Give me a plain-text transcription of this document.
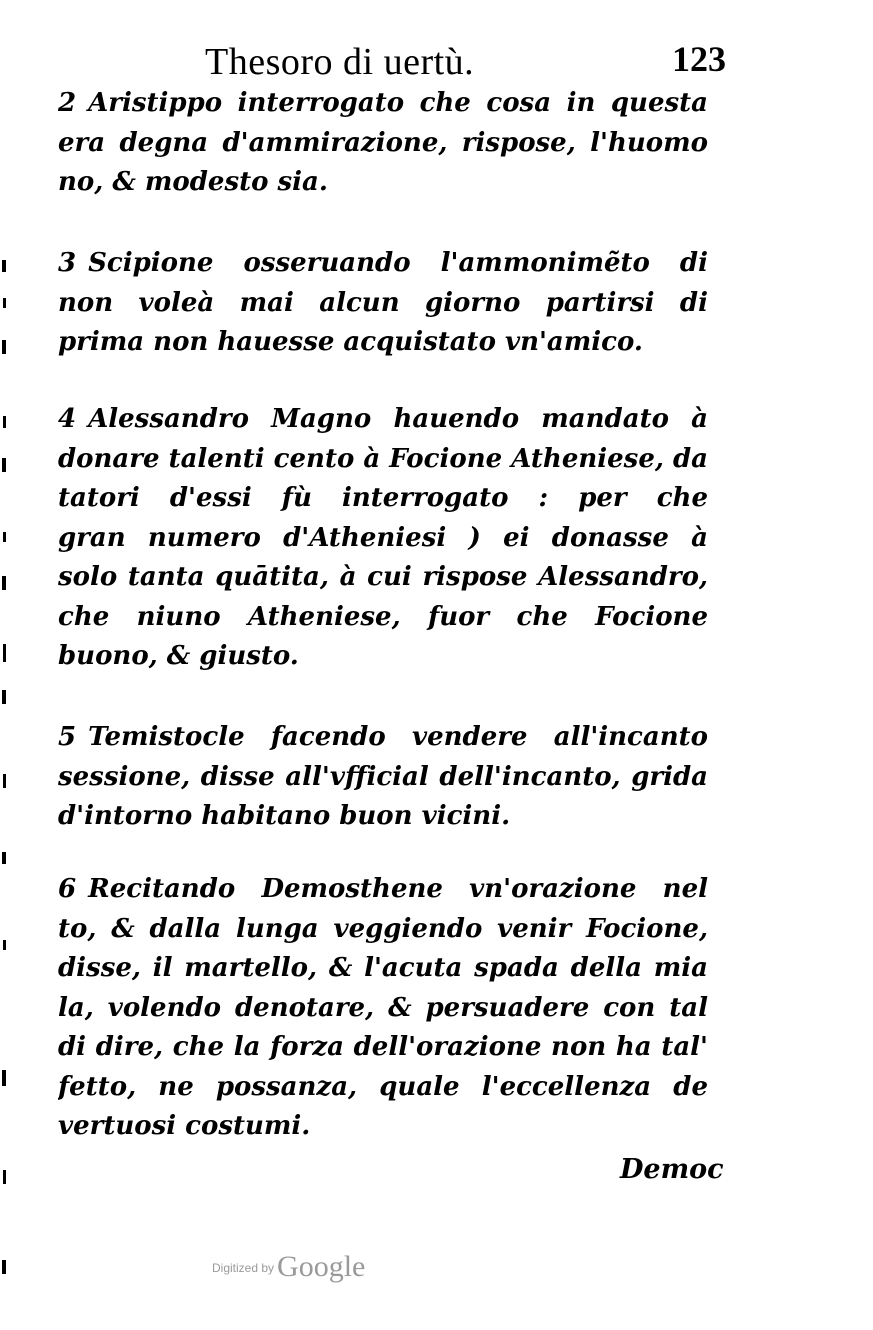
Thesoro di uertù.	123
2 Aristippo interrogato che cosa in questa
era degna d'ammirazione, rispose, l'huomo
no, & modesto sia.
3 Scipione osseruando l'ammonimẽto di
non voleà mai alcun giorno partirsi di
prima non hauesse acquistato vn'amico.
4 Alessandro Magno hauendo mandato à
donare talenti cento à Focione Atheniese, da
tatori d'essi fù interrogato : per che
gran numero d'Atheniesi ) ei donasse à
solo tanta quātita, à cui rispose Alessandro,
che niuno Atheniese, fuor che Focione
buono, & giusto.
5 Temistocle facendo vendere all'incanto
sessione, disse all'vfficial dell'incanto, grida
d'intorno habitano buon vicini.
6 Recitando Demosthene vn'orazione nel
to, & dalla lunga veggiendo venir Focione,
disse, il martello, & l'acuta spada della mia
la, volendo denotare, & persuadere con tal
di dire, che la forza dell'orazione non ha tal'
fetto, ne possanza, quale l'eccellenza de
vertuosi costumi.
Democ
$^{Digitized by}$ Google
